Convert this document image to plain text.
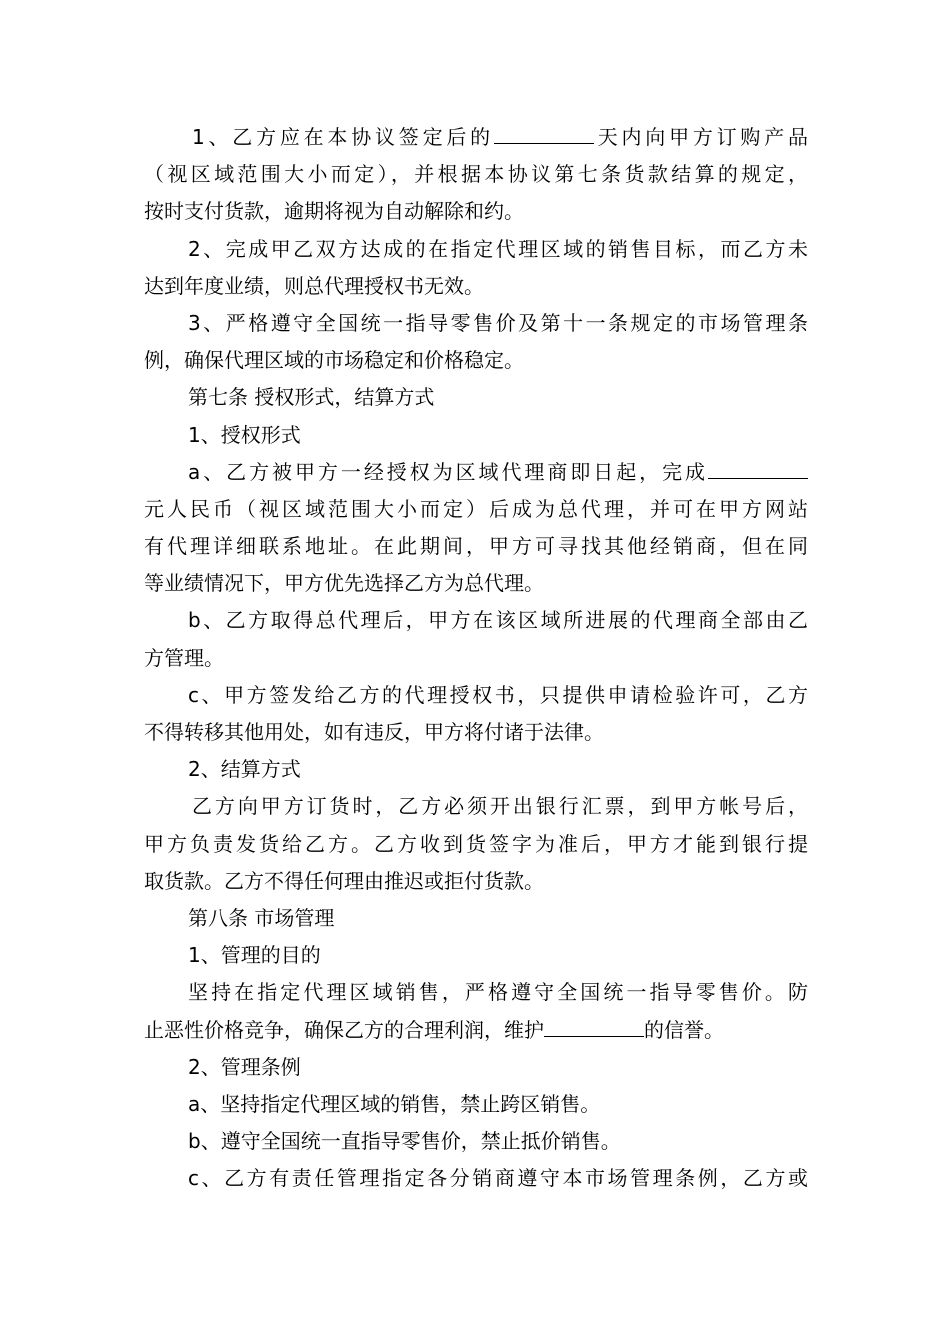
1、乙方应在本协议签定后的	天内向甲方订购产品
（视区域范围大小而定），并根据本协议第七条货款结算的规定，
按时支付货款，逾期将视为自动解除和约。
2、完成甲乙双方达成的在指定代理区域的销售目标，而乙方未
达到年度业绩，则总代理授权书无效。
3、严格遵守全国统一指导零售价及第十一条规定的市场管理条
例，确保代理区域的市场稳定和价格稳定。
第七条 授权形式，结算方式
1、授权形式
a、乙方被甲方一经授权为区域代理商即日起，完成
元人民币（视区域范围大小而定）后成为总代理，并可在甲方网站
有代理详细联系地址。在此期间，甲方可寻找其他经销商，但在同
等业绩情况下，甲方优先选择乙方为总代理。
b、乙方取得总代理后，甲方在该区域所进展的代理商全部由乙
方管理。
c、甲方签发给乙方的代理授权书，只提供申请检验许可，乙方
不得转移其他用处，如有违反，甲方将付诸于法律。
2、结算方式
乙方向甲方订货时，乙方必须开出银行汇票，到甲方帐号后，
甲方负责发货给乙方。乙方收到货签字为准后，甲方才能到银行提
取货款。乙方不得任何理由推迟或拒付货款。
第八条 市场管理
1、管理的目的
坚持在指定代理区域销售，严格遵守全国统一指导零售价。防
止恶性价格竞争，确保乙方的合理利润，维护	的信誉。
2、管理条例
a、坚持指定代理区域的销售，禁止跨区销售。
b、遵守全国统一直指导零售价，禁止抵价销售。
c、乙方有责任管理指定各分销商遵守本市场管理条例，乙方或
